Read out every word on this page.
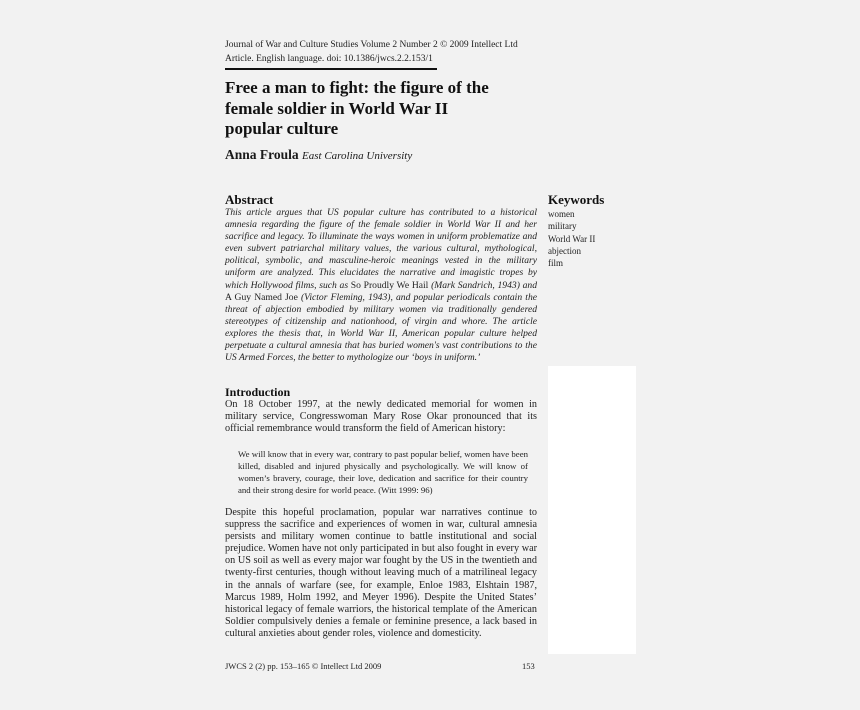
Journal of War and Culture Studies Volume 2 Number 2 © 2009 Intellect Ltd
Article. English language. doi: 10.1386/jwcs.2.2.153/1
Free a man to fight: the figure of the
female soldier in World War II
popular culture
Anna Froula East Carolina University
Abstract
This article argues that US popular culture has contributed to a historical amnesia regarding the figure of the female soldier in World War II and her sacrifice and legacy. To illuminate the ways women in uniform problematize and even subvert patriarchal military values, the various cultural, mythological, political, symbolic, and masculine-heroic meanings vested in the military uniform are analyzed. This elucidates the narrative and imagistic tropes by which Hollywood films, such as So Proudly We Hail (Mark Sandrich, 1943) and A Guy Named Joe (Victor Fleming, 1943), and popular periodicals contain the threat of abjection embodied by military women via traditionally gendered stereotypes of citizenship and nationhood, of virgin and whore. The article explores the thesis that, in World War II, American popular culture helped perpetuate a cultural amnesia that has buried women's vast contributions to the US Armed Forces, the better to mythologize our ‘boys in uniform.’
Keywords
women
military
World War II
abjection
film
Introduction
On 18 October 1997, at the newly dedicated memorial for women in military service, Congresswoman Mary Rose Okar pronounced that its official remembrance would transform the field of American history:
We will know that in every war, contrary to past popular belief, women have been killed, disabled and injured physically and psychologically. We will know of women’s bravery, courage, their love, dedication and sacrifice for their country and their strong desire for world peace. (Witt 1999: 96)
Despite this hopeful proclamation, popular war narratives continue to suppress the sacrifice and experiences of women in war, cultural amnesia persists and military women continue to battle institutional and social prejudice. Women have not only participated in but also fought in every war on US soil as well as every major war fought by the US in the twentieth and twenty-first centuries, though without leaving much of a matrilineal legacy in the annals of warfare (see, for example, Enloe 1983, Elshtain 1987, Marcus 1989, Holm 1992, and Meyer 1996). Despite the United States’ historical legacy of female warriors, the historical template of the American Soldier compulsively denies a female or feminine presence, a lack based in cultural anxieties about gender roles, violence and domesticity.
JWCS 2 (2) pp. 153–165 © Intellect Ltd 2009	153
